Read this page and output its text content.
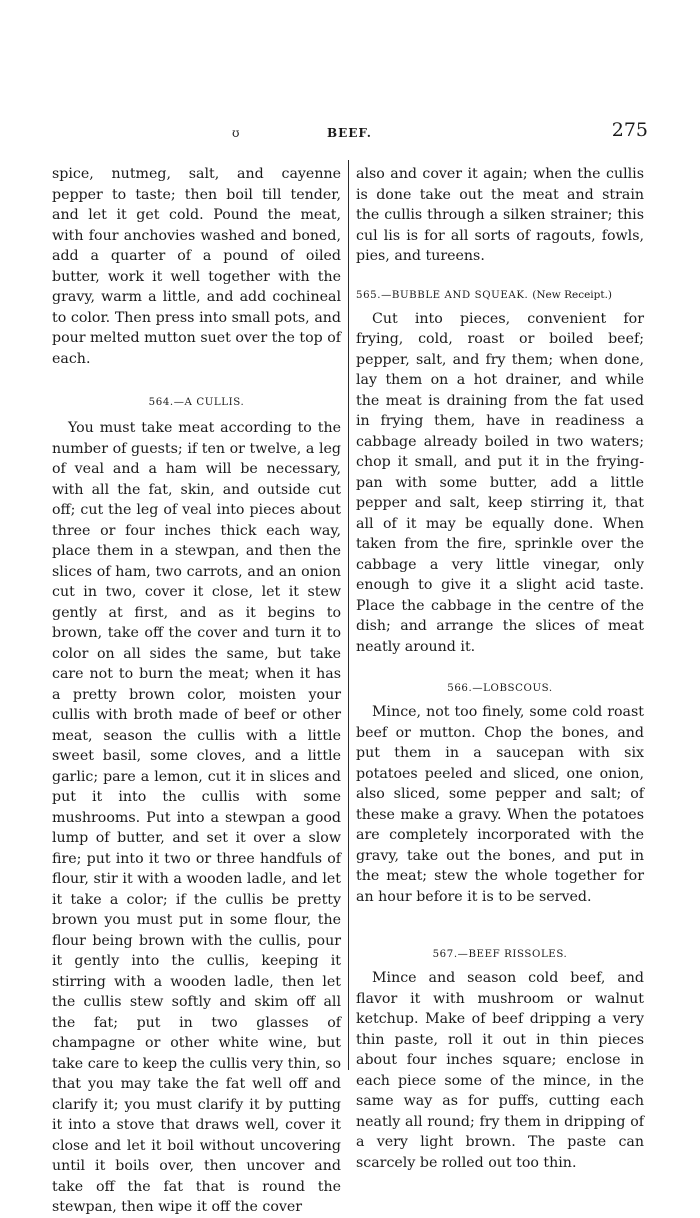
ʊ	BEEF.	275

spice, nutmeg, salt, and cayenne pepper to taste; then boil till tender, and let it get cold. Pound the meat, with four anchovies washed and boned, add a quarter of a pound of oiled butter, work it well together with the gravy, warm a little, and add cochineal to color. Then press into small pots, and pour melted mutton suet over the top of each.

564.—A CULLIS.

You must take meat according to the number of guests; if ten or twelve, a leg of veal and a ham will be necessary, with all the fat, skin, and outside cut off; cut the leg of veal into pieces about three or four inches thick each way, place them in a stewpan, and then the slices of ham, two carrots, and an onion cut in two, cover it close, let it stew gently at first, and as it begins to brown, take off the cover and turn it to color on all sides the same, but take care not to burn the meat; when it has a pretty brown color, moisten your cullis with broth made of beef or other meat, season the cullis with a little sweet basil, some cloves, and a little garlic; pare a lemon, cut it in slices and put it into the cullis with some mushrooms. Put into a stewpan a good lump of butter, and set it over a slow fire; put into it two or three handfuls of flour, stir it with a wooden ladle, and let it take a color; if the cullis be pretty brown you must put in some flour, the flour being brown with the cullis, pour it gently into the cullis, keeping it stirring with a wooden ladle, then let the cullis stew softly and skim off all the fat; put in two glasses of champagne or other white wine, but take care to keep the cullis very thin, so that you may take the fat well off and clarify it; you must clarify it by putting it into a stove that draws well, cover it close and let it boil without uncovering until it boils over, then uncover and take off the fat that is round the stewpan, then wipe it off the cover

also and cover it again; when the cullis is done take out the meat and strain the cullis through a silken strainer; this cul lis is for all sorts of ragouts, fowls, pies, and tureens.

565.—BUBBLE AND SQUEAK. (New Receipt.)

Cut into pieces, convenient for frying, cold, roast or boiled beef; pepper, salt, and fry them; when done, lay them on a hot drainer, and while the meat is draining from the fat used in frying them, have in readiness a cabbage already boiled in two waters; chop it small, and put it in the frying-pan with some butter, add a little pepper and salt, keep stirring it, that all of it may be equally done. When taken from the fire, sprinkle over the cabbage a very little vinegar, only enough to give it a slight acid taste. Place the cabbage in the centre of the dish; and arrange the slices of meat neatly around it.

566.—LOBSCOUS.

Mince, not too finely, some cold roast beef or mutton. Chop the bones, and put them in a saucepan with six potatoes peeled and sliced, one onion, also sliced, some pepper and salt; of these make a gravy. When the potatoes are completely incorporated with the gravy, take out the bones, and put in the meat; stew the whole together for an hour before it is to be served.

567.—BEEF RISSOLES.

Mince and season cold beef, and flavor it with mushroom or walnut ketchup. Make of beef dripping a very thin paste, roll it out in thin pieces about four inches square; enclose in each piece some of the mince, in the same way as for puffs, cutting each neatly all round; fry them in dripping of a very light brown. The paste can scarcely be rolled out too thin.
